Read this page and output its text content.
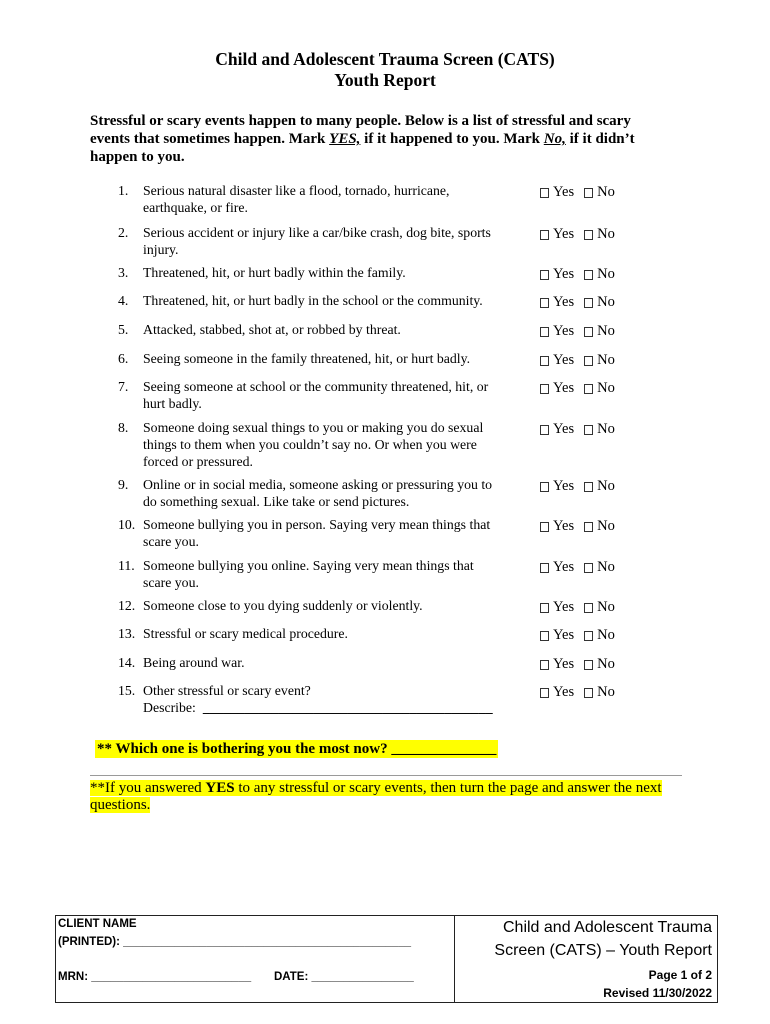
Child and Adolescent Trauma Screen (CATS)
Youth Report
Stressful or scary events happen to many people. Below is a list of stressful and scary
events that sometimes happen. Mark YES, if it happened to you. Mark No, if it didn’t
happen to you.
1. Serious natural disaster like a flood, tornado, hurricane,
earthquake, or fire.
Yes No
2. Serious accident or injury like a car/bike crash, dog bite, sports
injury.
Yes No
3. Threatened, hit, or hurt badly within the family.	Yes No
4. Threatened, hit, or hurt badly in the school or the community.	Yes No
5. Attacked, stabbed, shot at, or robbed by threat.	Yes No
6. Seeing someone in the family threatened, hit, or hurt badly.	Yes No
7. Seeing someone at school or the community threatened, hit, or
hurt badly.
Yes No
8. Someone doing sexual things to you or making you do sexual
things to them when you couldn’t say no. Or when you were
forced or pressured.
Yes No
9. Online or in social media, someone asking or pressuring you to
do something sexual. Like take or send pictures.
Yes No
10. Someone bullying you in person. Saying very mean things that
scare you.
Yes No
11. Someone bullying you online. Saying very mean things that
scare you.
Yes No
12. Someone close to you dying suddenly or violently.	Yes No
13. Stressful or scary medical procedure.	Yes No
14. Being around war.	Yes No
15. Other stressful or scary event?
Describe: __________________________________________
Yes No
** Which one is bothering you the most now? ______________
**If you answered YES to any stressful or scary events, then turn the page and answer the next
questions.
CLIENT NAME
(PRINTED): _____________________________________________
MRN: _________________________ DATE: ________________
Child and Adolescent Trauma
Screen (CATS) – Youth Report
Page 1 of 2
Revised 11/30/2022
